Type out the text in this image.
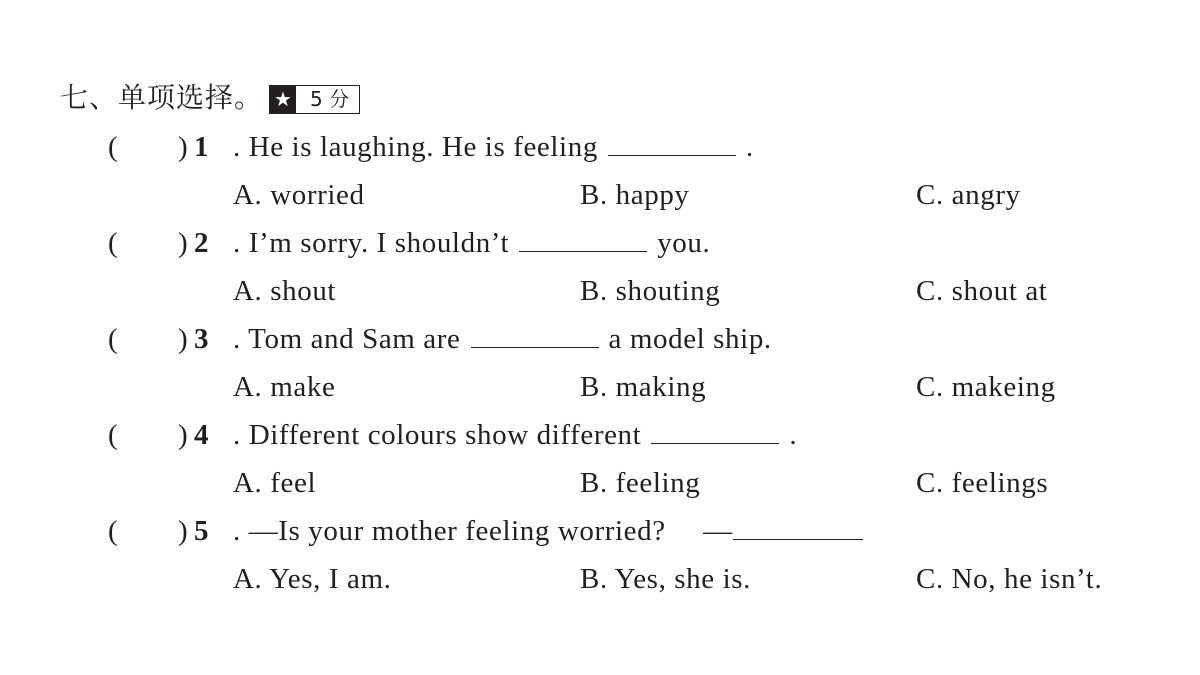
七、单项选择。 ★ 5 分
( ) 1 . He is laughing. He is feeling	.
A. worried	B. happy	C. angry
( ) 2 . I’m sorry. I shouldn’t	you.
A. shout	B. shouting	C. shout at
( ) 3 . Tom and Sam are	a model ship.
A. make	B. making	C. makeing
( ) 4 . Different colours show different	.
A. feel	B. feeling	C. feelings
( ) 5 . —Is your mother feeling worried?　 —
A. Yes, I am.	B. Yes, she is.	C. No, he isn’t.
